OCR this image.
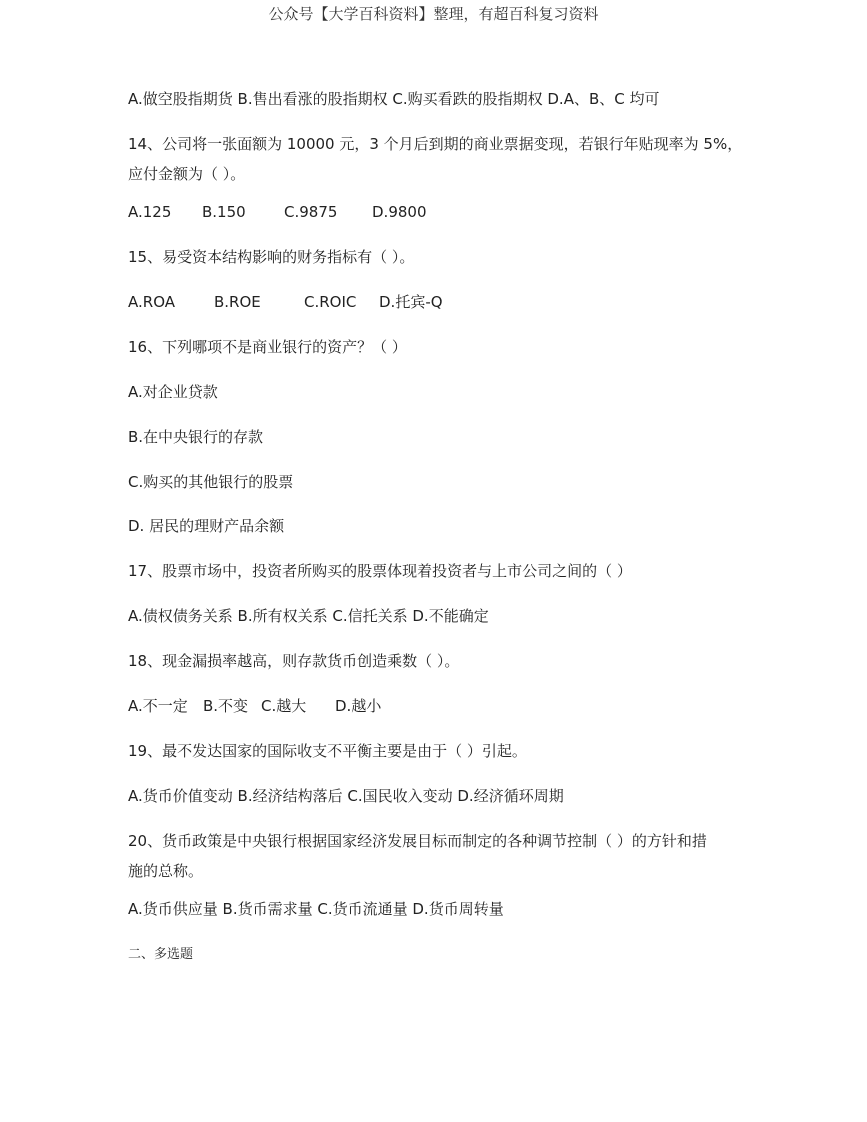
公众号【大学百科资料】整理，有超百科复习资料
A.做空股指期货 B.售出看涨的股指期权 C.购买看跌的股指期权 D.A、B、C 均可
14、公司将一张面额为 10000 元，3 个月后到期的商业票据变现，若银行年贴现率为 5%，
应付金额为（ ）。
A.125 B.150	C.9875 D.9800
15、易受资本结构影响的财务指标有（ ）。
A.ROA	B.ROE	C.ROIC D.托宾-Q
16、下列哪项不是商业银行的资产？（ ）
A.对企业贷款
B.在中央银行的存款
C.购买的其他银行的股票
D. 居民的理财产品余额
17、股票市场中，投资者所购买的股票体现着投资者与上市公司之间的（ ）
A.债权债务关系 B.所有权关系 C.信托关系 D.不能确定
18、现金漏损率越高，则存款货币创造乘数（ ）。
A.不一定 B.不变 C.越大 D.越小
19、最不发达国家的国际收支不平衡主要是由于（ ）引起。
A.货币价值变动 B.经济结构落后 C.国民收入变动 D.经济循环周期
20、货币政策是中央银行根据国家经济发展目标而制定的各种调节控制（ ）的方针和措
施的总称。
A.货币供应量 B.货币需求量 C.货币流通量 D.货币周转量
二、多选题
